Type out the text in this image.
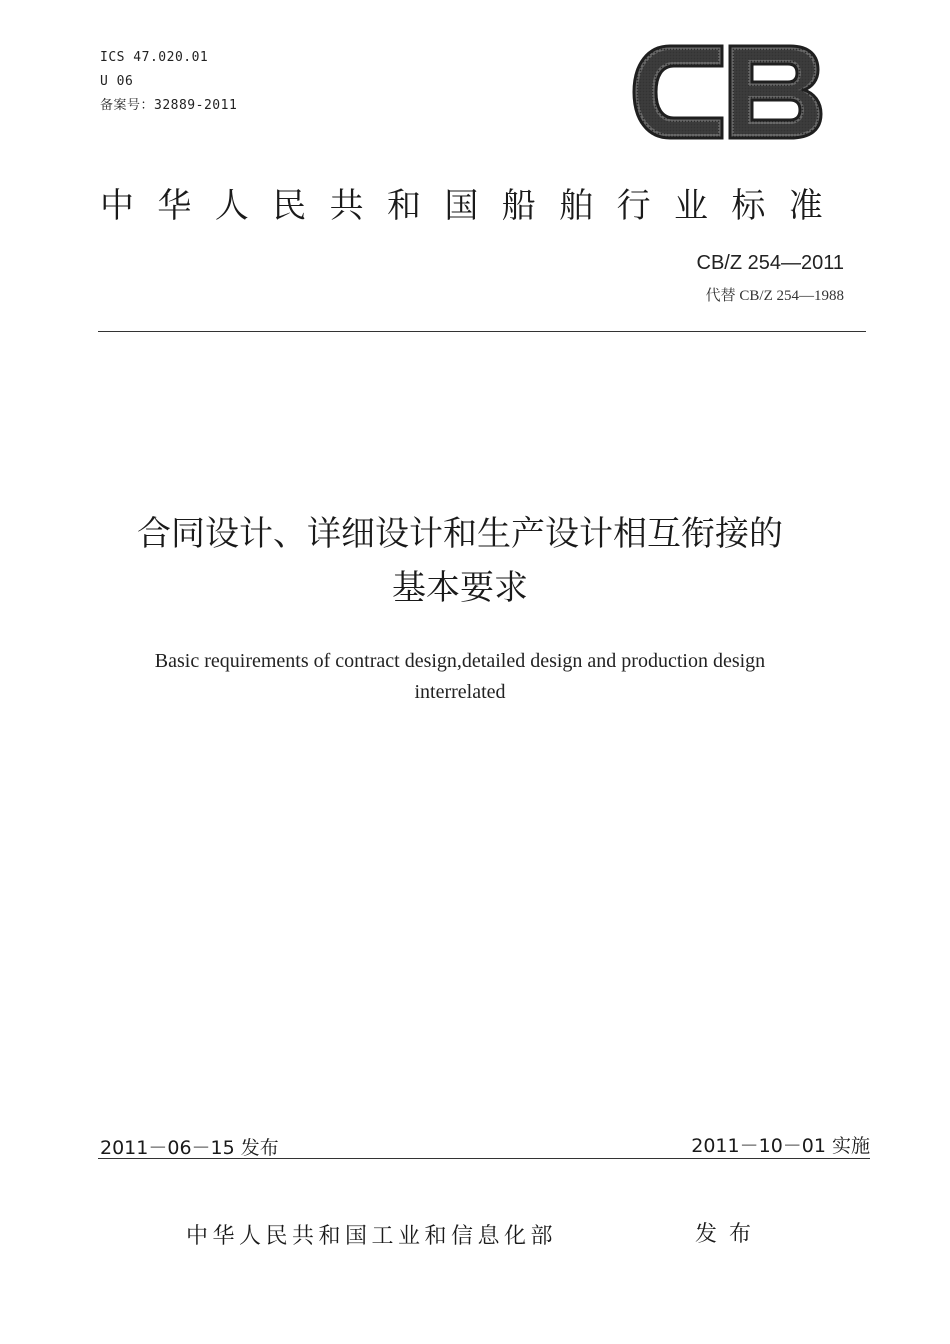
ICS 47.020.01
U 06
备案号：32889-2011
中华人民共和国船舶行业标准
CB/Z 254—2011
代替 CB/Z 254—1988
合同设计、详细设计和生产设计相互衔接的
基本要求
Basic requirements of contract design,detailed design and production design
interrelated
2011－06－15 发布	2011－10－01 实施
中华人民共和国工业和信息化部	发布
